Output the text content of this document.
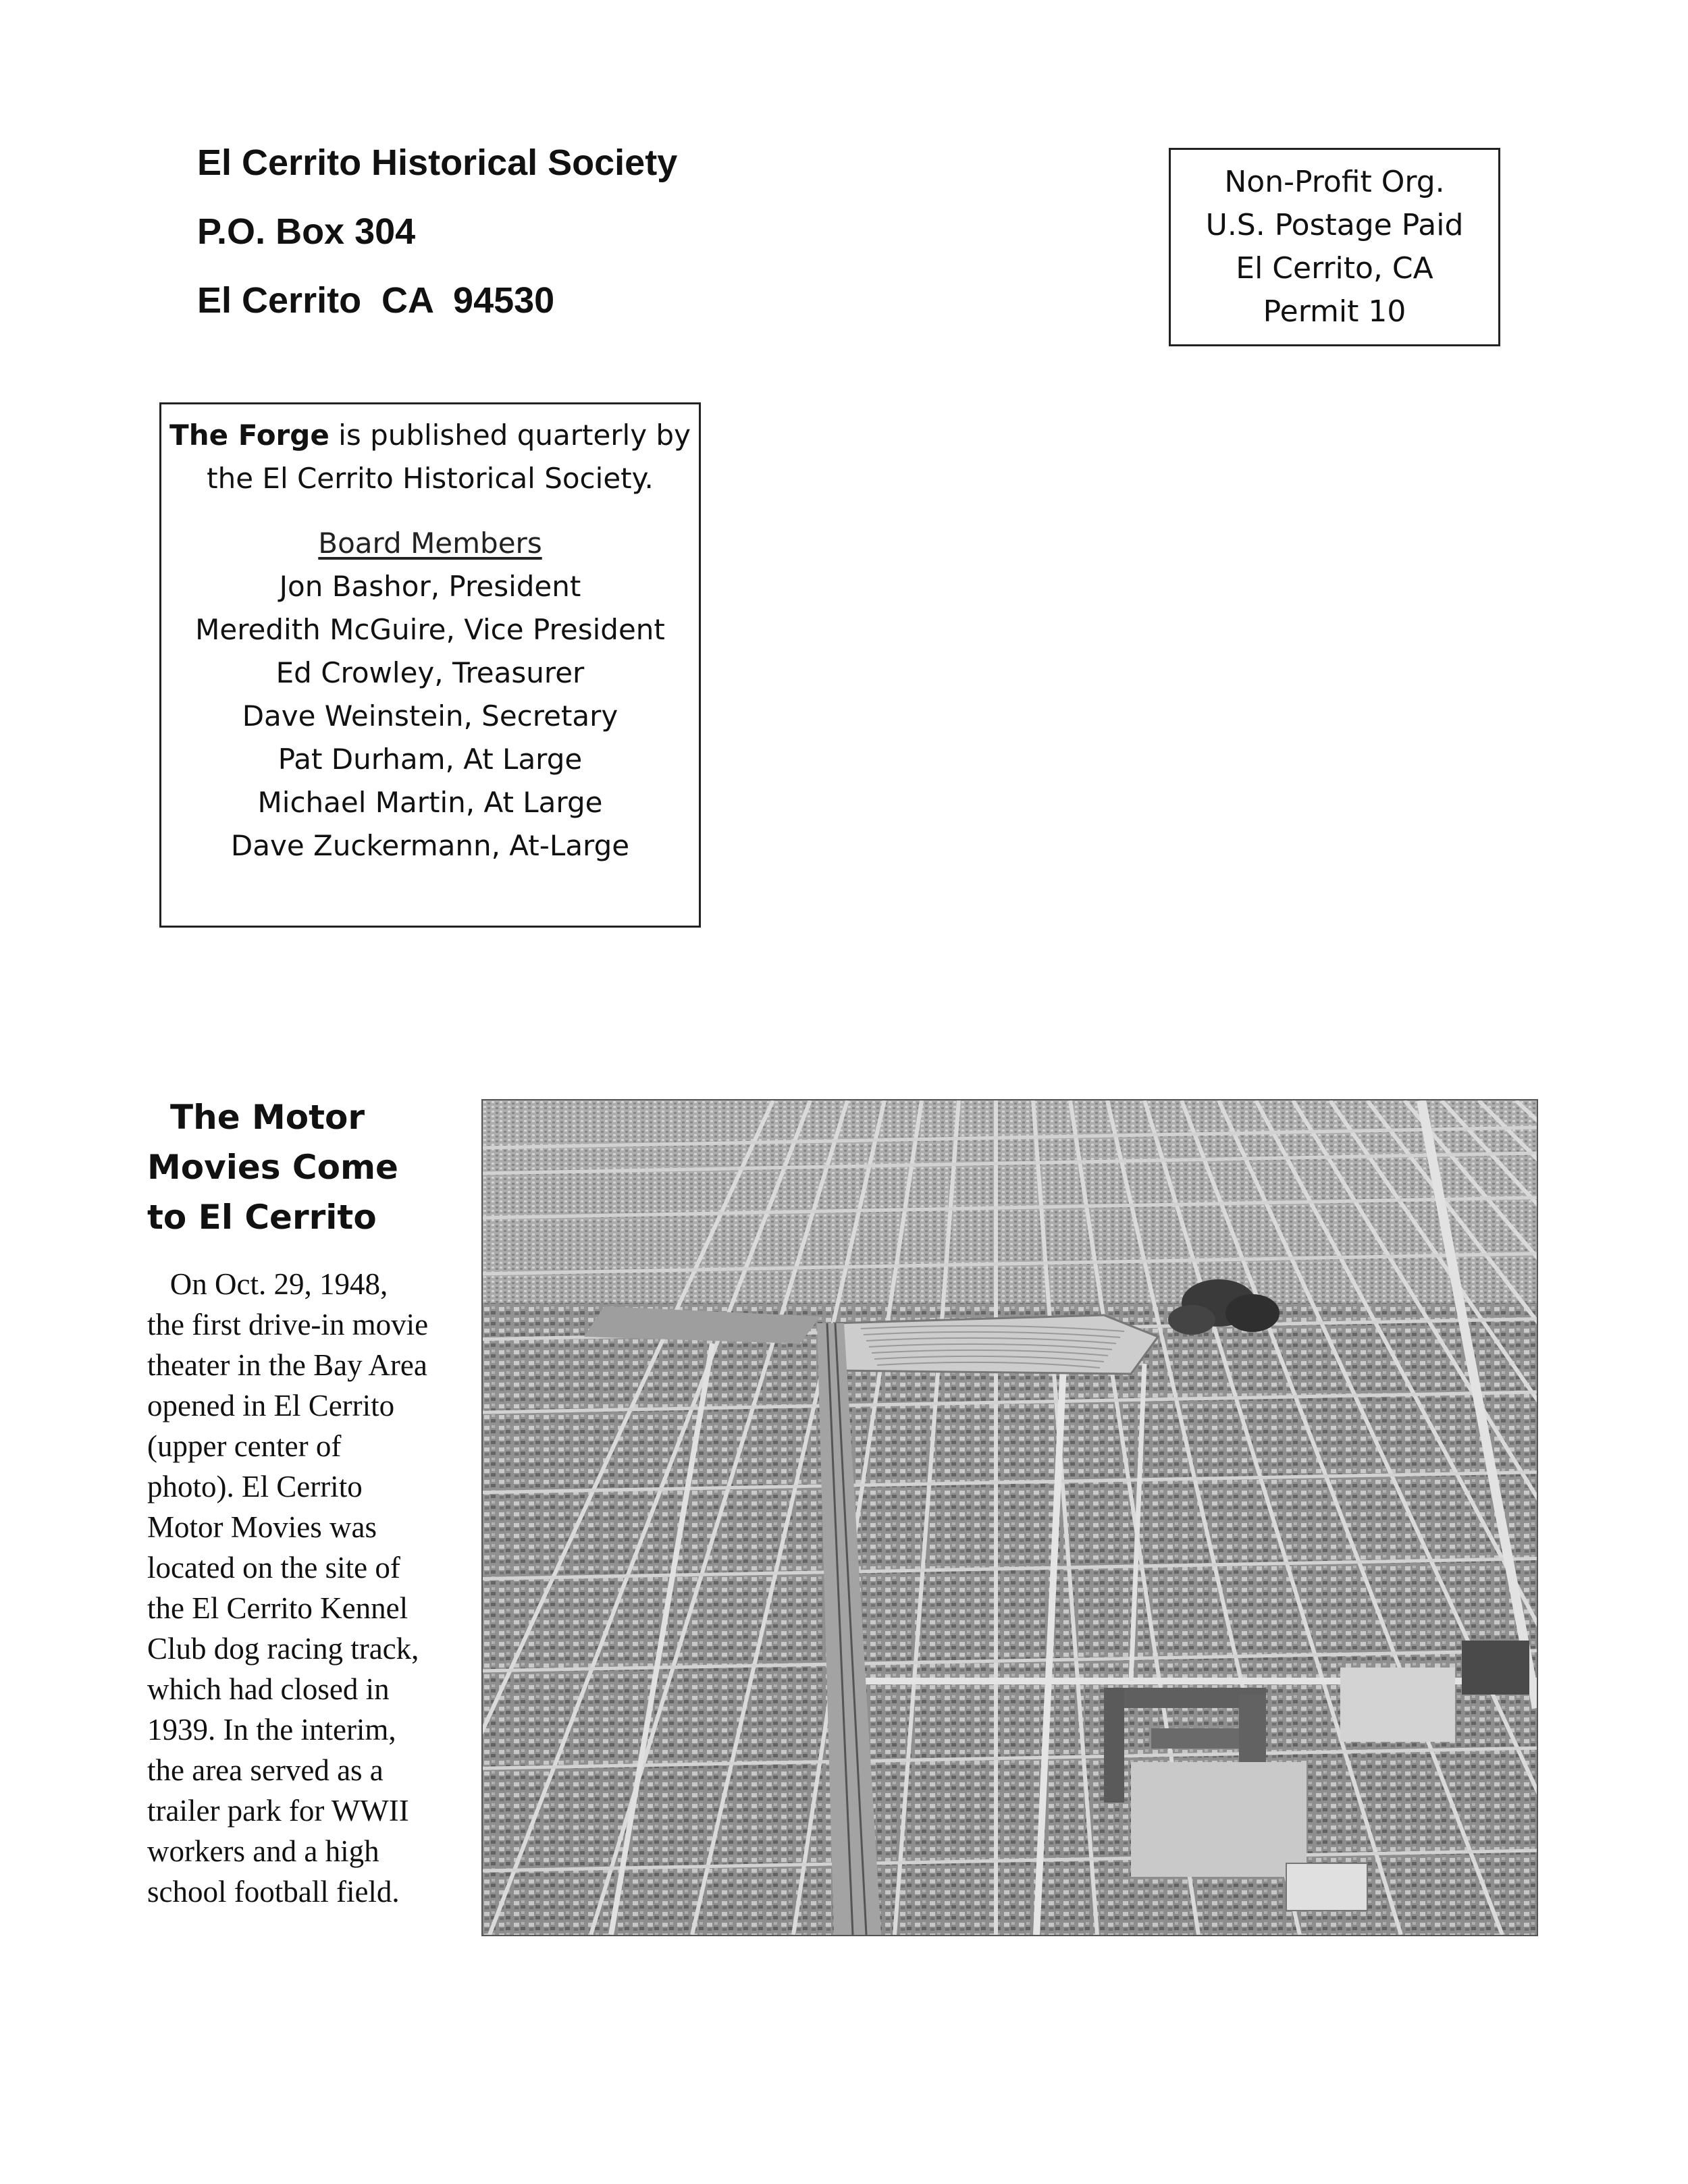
El Cerrito Historical Society
P.O. Box 304
El Cerrito  CA  94530
Non-Profit Org.
U.S. Postage Paid
El Cerrito, CA
Permit 10
The Forge is published quarterly by
the El Cerrito Historical Society.
Board Members
Jon Bashor, President
Meredith McGuire, Vice President
Ed Crowley, Treasurer
Dave Weinstein, Secretary
Pat Durham, At Large
Michael Martin, At Large
Dave Zuckermann, At-Large
The Motor
Movies Come
to El Cerrito
On Oct. 29, 1948,
the first drive-in movie
theater in the Bay Area
opened in El Cerrito
(upper center of
photo). El Cerrito
Motor Movies was
located on the site of
the El Cerrito Kennel
Club dog racing track,
which had closed in
1939. In the interim,
the area served as a
trailer park for WWII
workers and a high
school football field.
